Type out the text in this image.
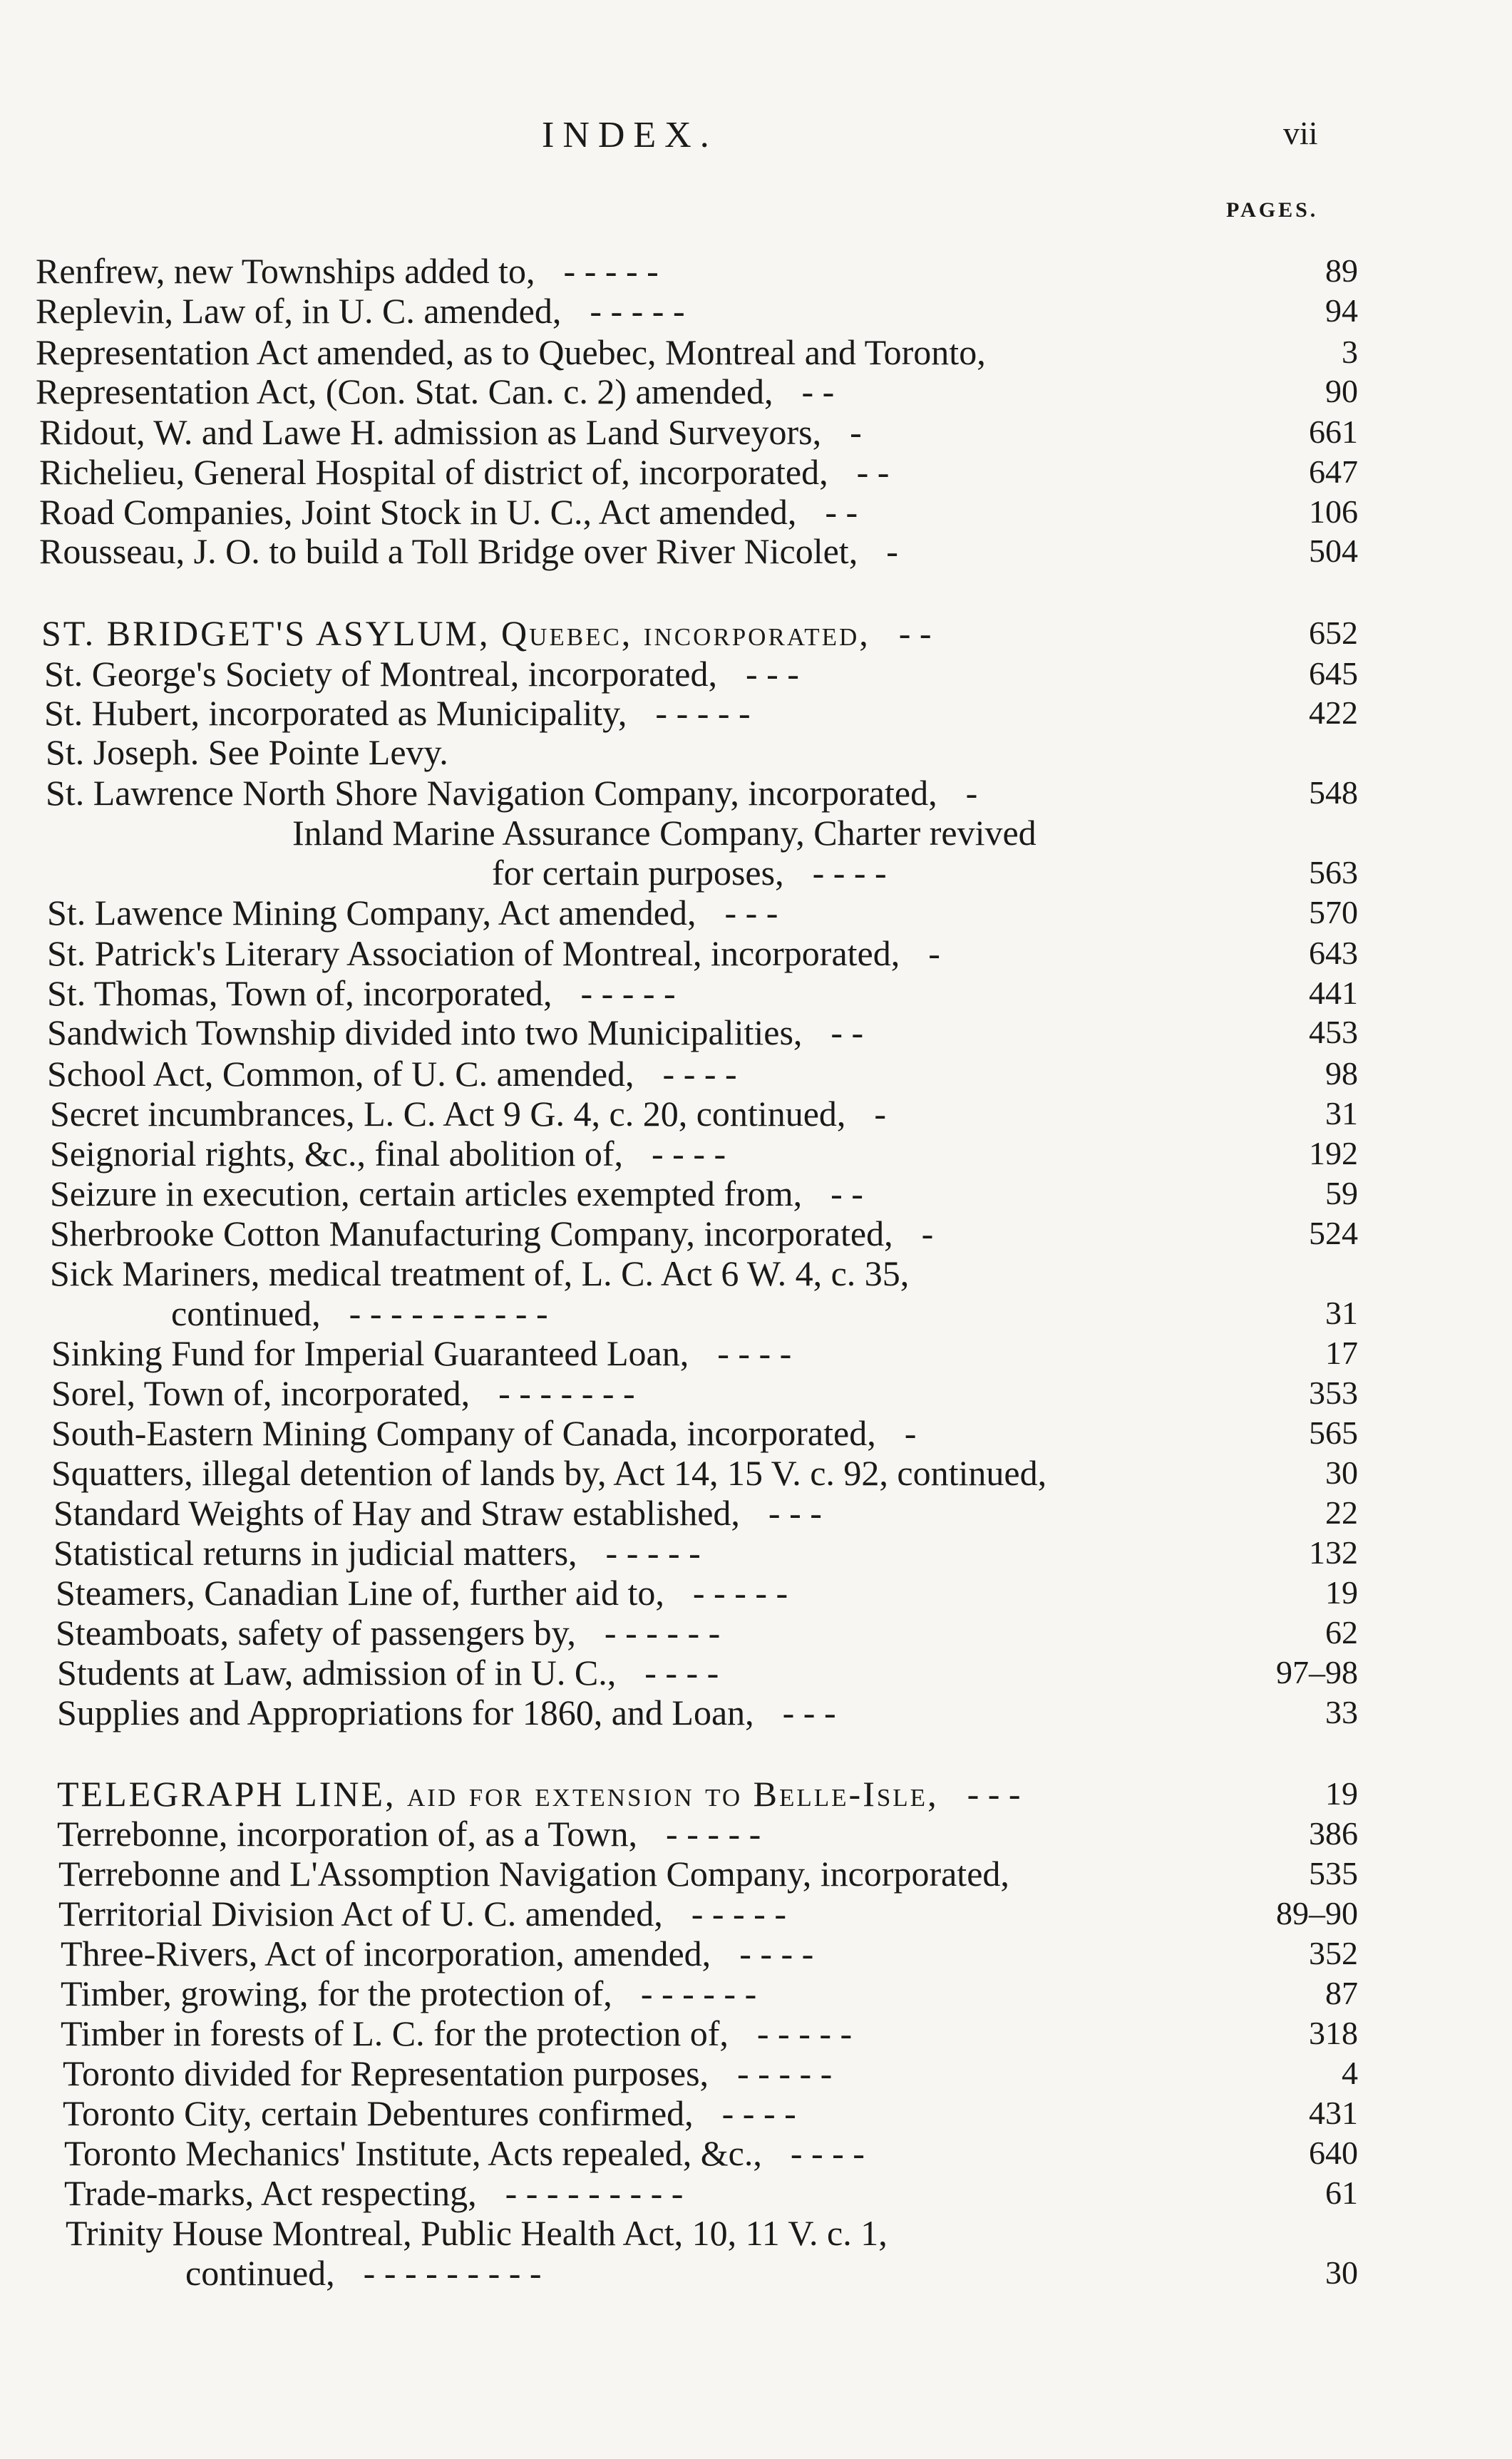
INDEX.	vii
PAGES.
Renfrew, new Townships added to, - - - - -	89
Replevin, Law of, in U. C. amended, - - - - -	94
Representation Act amended, as to Quebec, Montreal and Toronto,	3
Representation Act, (Con. Stat. Can. c. 2) amended, - -	90
Ridout, W. and Lawe H. admission as Land Surveyors, -	661
Richelieu, General Hospital of district of, incorporated, - -	647
Road Companies, Joint Stock in U. C., Act amended, - -	106
Rousseau, J. O. to build a Toll Bridge over River Nicolet, -	504
ST. BRIDGET'S ASYLUM, Quebec, incorporated, - -	652
St. George's Society of Montreal, incorporated, - - -	645
St. Hubert, incorporated as Municipality, - - - - -	422
St. Joseph. See Pointe Levy.
St. Lawrence North Shore Navigation Company, incorporated, -	548
Inland Marine Assurance Company, Charter revived
for certain purposes, - - - -	563
St. Lawence Mining Company, Act amended, - - -	570
St. Patrick's Literary Association of Montreal, incorporated, -	643
St. Thomas, Town of, incorporated, - - - - -	441
Sandwich Township divided into two Municipalities, - -	453
School Act, Common, of U. C. amended, - - - -	98
Secret incumbrances, L. C. Act 9 G. 4, c. 20, continued, -	31
Seignorial rights, &c., final abolition of, - - - -	192
Seizure in execution, certain articles exempted from, - -	59
Sherbrooke Cotton Manufacturing Company, incorporated, -	524
Sick Mariners, medical treatment of, L. C. Act 6 W. 4, c. 35,
continued, - - - - - - - - - -	31
Sinking Fund for Imperial Guaranteed Loan, - - - -	17
Sorel, Town of, incorporated, - - - - - - -	353
South-Eastern Mining Company of Canada, incorporated, -	565
Squatters, illegal detention of lands by, Act 14, 15 V. c. 92, continued,	30
Standard Weights of Hay and Straw established, - - -	22
Statistical returns in judicial matters, - - - - -	132
Steamers, Canadian Line of, further aid to, - - - - -	19
Steamboats, safety of passengers by, - - - - - -	62
Students at Law, admission of in U. C., - - - -	97–98
Supplies and Appropriations for 1860, and Loan, - - -	33
TELEGRAPH LINE, aid for extension to Belle-Isle, - - -	19
Terrebonne, incorporation of, as a Town, - - - - -	386
Terrebonne and L'Assomption Navigation Company, incorporated,	535
Territorial Division Act of U. C. amended, - - - - -	89–90
Three-Rivers, Act of incorporation, amended, - - - -	352
Timber, growing, for the protection of, - - - - - -	87
Timber in forests of L. C. for the protection of, - - - - -	318
Toronto divided for Representation purposes, - - - - -	4
Toronto City, certain Debentures confirmed, - - - -	431
Toronto Mechanics' Institute, Acts repealed, &c., - - - -	640
Trade-marks, Act respecting, - - - - - - - - -	61
Trinity House Montreal, Public Health Act, 10, 11 V. c. 1,
continued, - - - - - - - - -	30
